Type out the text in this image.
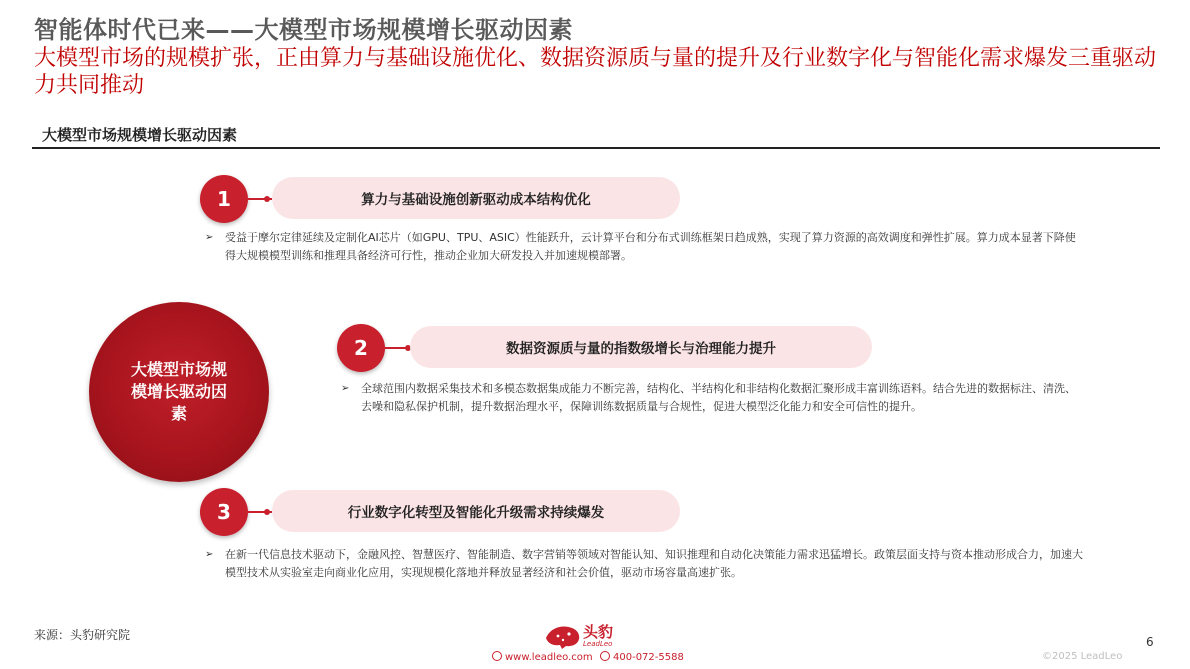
智能体时代已来——大模型市场规模增长驱动因素
大模型市场的规模扩张，正由算力与基础设施优化、数据资源质与量的提升及行业数字化与智能化需求爆发三重驱动力共同推动
大模型市场规模增长驱动因素
大模型市场规模增长驱动因素
1	算力与基础设施创新驱动成本结构优化
➢	受益于摩尔定律延续及定制化AI芯片（如GPU、TPU、ASIC）性能跃升，云计算平台和分布式训练框架日趋成熟，实现了算力资源的高效调度和弹性扩展。算力成本显著下降使得大规模模型训练和推理具备经济可行性，推动企业加大研发投入并加速规模部署。
2	数据资源质与量的指数级增长与治理能力提升
➢	全球范围内数据采集技术和多模态数据集成能力不断完善，结构化、半结构化和非结构化数据汇聚形成丰富训练语料。结合先进的数据标注、清洗、去噪和隐私保护机制，提升数据治理水平，保障训练数据质量与合规性，促进大模型泛化能力和安全可信性的提升。
3	行业数字化转型及智能化升级需求持续爆发
➢	在新一代信息技术驱动下，金融风控、智慧医疗、智能制造、数字营销等领域对智能认知、知识推理和自动化决策能力需求迅猛增长。政策层面支持与资本推动形成合力，加速大模型技术从实验室走向商业化应用，实现规模化落地并释放显著经济和社会价值，驱动市场容量高速扩张。
来源：头豹研究院	头豹
LeadLeo
www.leadleo.com	400-072-5588
6
©2025 LeadLeo
